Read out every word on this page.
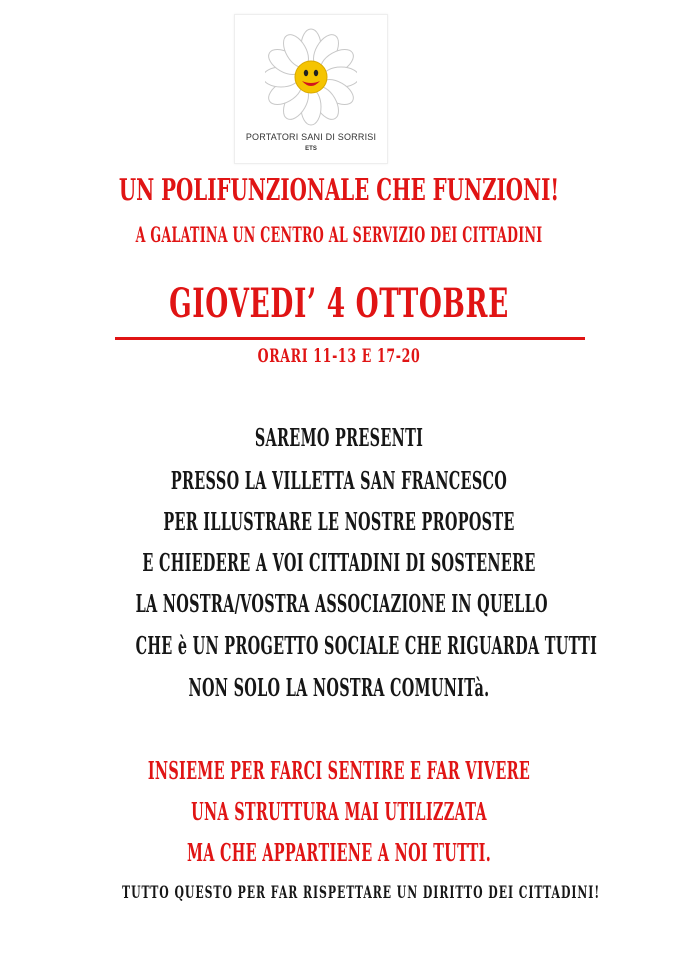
PORTATORI SANI DI SORRISI
ETS
UN POLIFUNZIONALE CHE FUNZIONI!
A GALATINA UN CENTRO AL SERVIZIO DEI CITTADINI
GIOVEDI’ 4 OTTOBRE
ORARI 11-13 E 17-20
SAREMO PRESENTI
PRESSO LA VILLETTA SAN FRANCESCO
PER ILLUSTRARE LE NOSTRE PROPOSTE
E CHIEDERE A VOI CITTADINI DI SOSTENERE
LA NOSTRA/VOSTRA ASSOCIAZIONE IN QUELLO
CHE è UN PROGETTO SOCIALE CHE RIGUARDA TUTTI
NON SOLO LA NOSTRA COMUNITà.
INSIEME PER FARCI SENTIRE E FAR VIVERE
UNA STRUTTURA MAI UTILIZZATA
MA CHE APPARTIENE A NOI TUTTI.
TUTTO QUESTO PER FAR RISPETTARE UN DIRITTO DEI CITTADINI!
